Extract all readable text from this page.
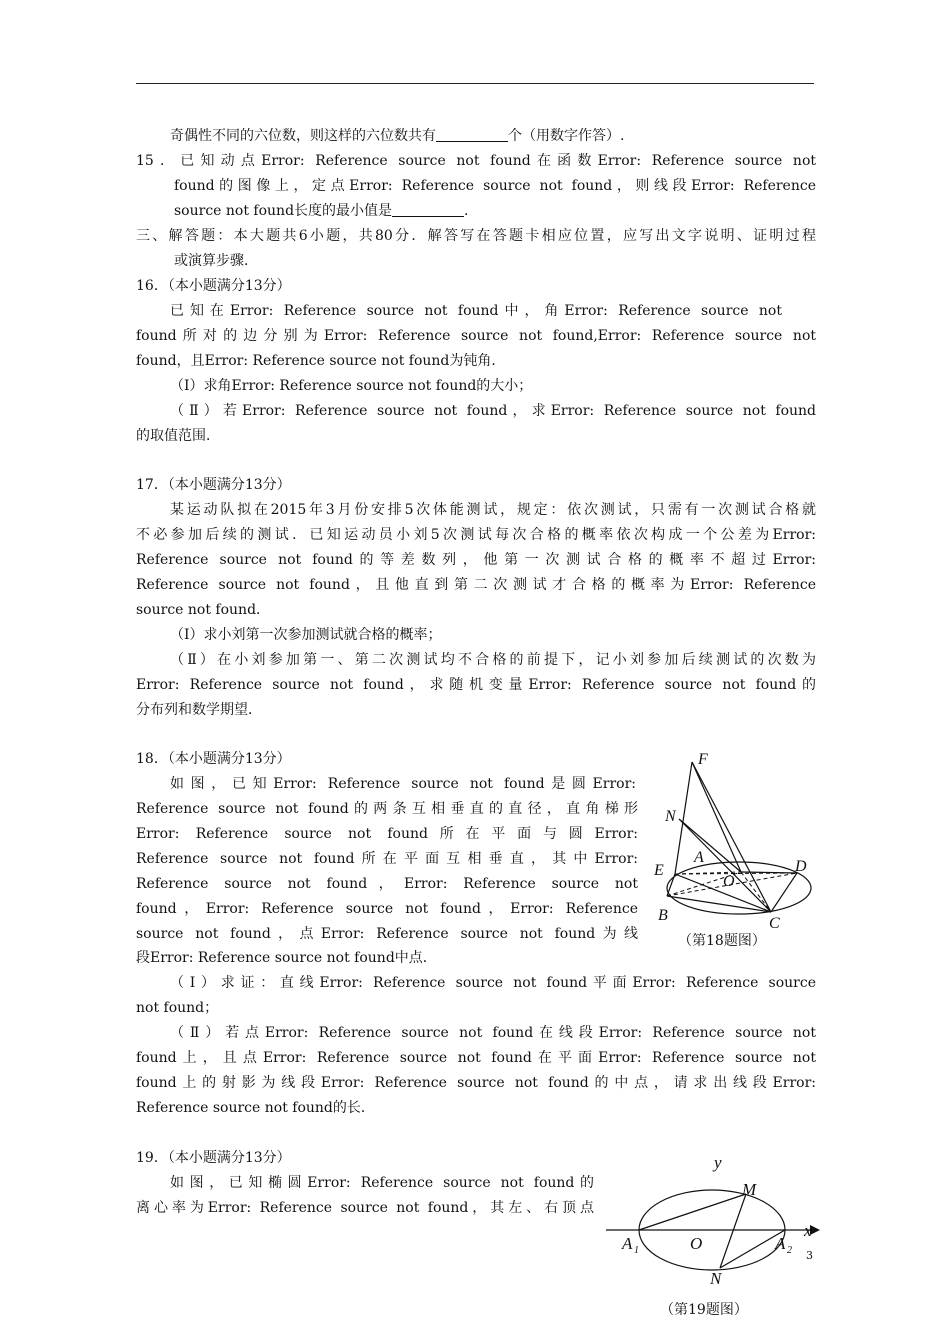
奇偶性不同的六位数，则这样的六位数共有	个（用数字作答）.
15．已知动点Error: Reference source not found在函数Error: Reference source not
found的图像上，定点Error: Reference source not found，则线段Error: Reference
source not found长度的最小值是	.
三、解答题：本大题共6小题，共80分．解答写在答题卡相应位置，应写出文字说明、证明过程
或演算步骤．
16．（本小题满分13分）
已知在Error: Reference source not found中，角Error: Reference source not
found所对的边分别为Error: Reference source not found,Error: Reference source not
found，且Error: Reference source not found为钝角．
（Ⅰ）求角Error: Reference source not found的大小；
（Ⅱ）若Error: Reference source not found，求Error: Reference source not found
的取值范围．
17．（本小题满分13分）
某运动队拟在2015年3月份安排5次体能测试，规定：依次测试，只需有一次测试合格就
不必参加后续的测试．已知运动员小刘5次测试每次合格的概率依次构成一个公差为Error:
Reference source not found的等差数列，他第一次测试合格的概率不超过Error:
Reference source not found，且他直到第二次测试才合格的概率为Error: Reference
source not found．
（Ⅰ）求小刘第一次参加测试就合格的概率；
（Ⅱ）在小刘参加第一、第二次测试均不合格的前提下，记小刘参加后续测试的次数为
Error: Reference source not found，求随机变量Error: Reference source not found的
分布列和数学期望．
18．（本小题满分13分）
如图，已知Error: Reference source not found是圆Error:
Reference source not found的两条互相垂直的直径，直角梯形
Error: Reference source not found所在平面与圆Error:
Reference source not found所在平面互相垂直，其中Error:
Reference source not found，Error: Reference source not
found，Error: Reference source not found，Error: Reference
source not found，点Error: Reference source not found为线
段Error: Reference source not found中点．
（Ⅰ）求证：直线Error: Reference source not found平面Error: Reference source
not found；
（Ⅱ）若点Error: Reference source not found在线段Error: Reference source not
found上，且点Error: Reference source not found在平面Error: Reference source not
found上的射影为线段Error: Reference source not found的中点，请求出线段Error:
Reference source not found的长．
19．（本小题满分13分）
如图，已知椭圆Error: Reference source not found的
离心率为Error: Reference source not found，其左、右顶点
F
N
A
E
O
D
B	C
（第18题图）
y
M
A	O	A
x
N
1	2
（第19题图）
3
